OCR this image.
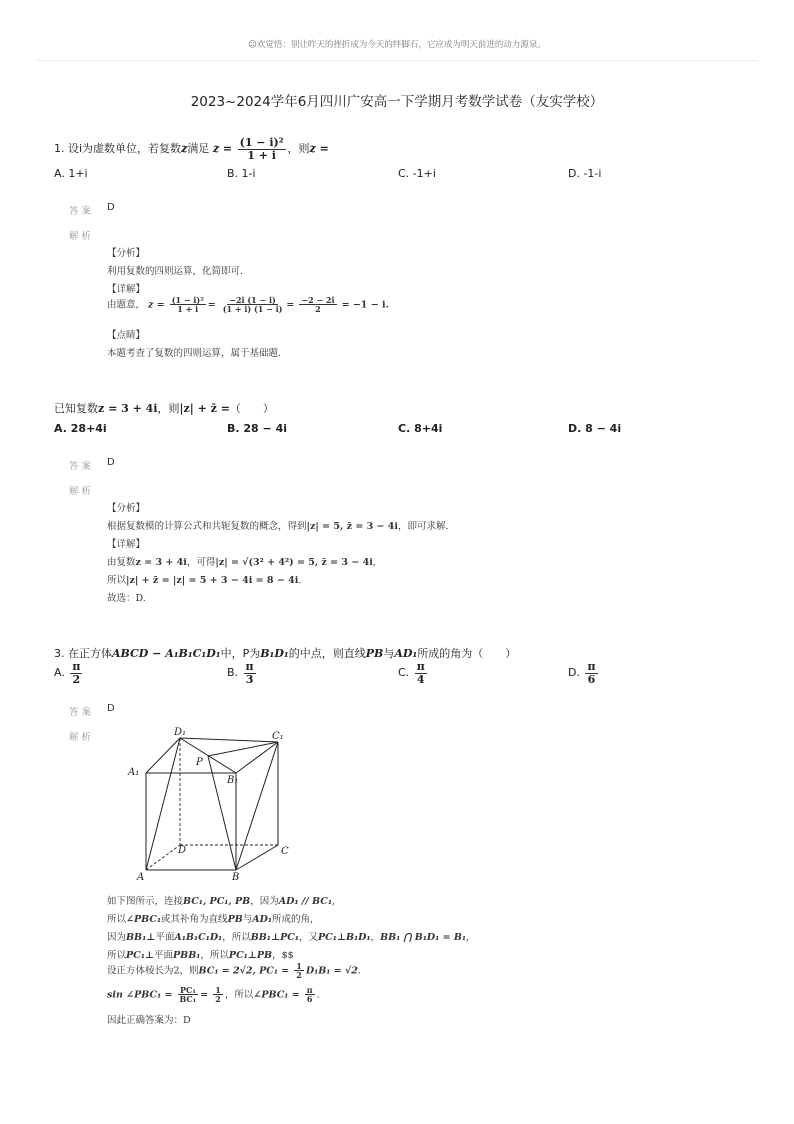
☺欢觉悟：别让昨天的挫折成为今天的绊脚石，它应成为明天前进的动力源泉。
2023~2024学年6月四川广安高一下学期月考数学试卷（友实学校）
1. 设i为虚数单位，若复数z满足 $z = \frac{\text{(1 − i)²}}{1 + i}$ ，则z =
A. 1+i	B. 1-i	C. -1+i	D. -1-i
答案 D
解析
【分析】
利用复数的四则运算，化简即可.
【详解】
由题意， $z = \frac{\text{(1 − i)²}}{1 + i} = \frac{-2i (1 - i)}{(1 + i) (1 - i)} = \frac{-2 - 2i}{2} = -1 - i$.
【点睛】
本题考查了复数的四则运算，属于基础题.
已知复数z = 3 + 4i，则|z| + z̄ =（　　）
A. 28+4i	B. 28 − 4i	C. 8+4i	D. 8 − 4i
答案 D
解析
【分析】
根据复数模的计算公式和共轭复数的概念，得到|z| = 5, z̄ = 3 − 4i，即可求解.
【详解】
由复数z = 3 + 4i，可得|z| = √(3² + 4²) = 5, z̄ = 3 − 4i,
所以|z| + z̄ = |z| = 5 + 3 − 4i = 8 − 4i.
故选：D.
3. 在正方体ABCD − A₁B₁C₁D₁中，P为B₁D₁的中点，则直线PB与AD₁所成的角为（　　）
A. $\frac{\pi}{2}$	B. $\frac{\pi}{3}$	C. $\frac{\pi}{4}$	D. $\frac{\pi}{6}$
答案 D
解析	D₁	C₁
A₁
B₁
P
D	C
A	B
如下图所示，连接BC₁, PC₁, PB，因为AD₁ // BC₁,
所以∠PBC₁或其补角为直线PB与AD₁所成的角，
因为BB₁⊥平面A₁B₁C₁D₁，所以BB₁⊥PC₁，又PC₁⊥B₁D₁，BB₁ ⋂ B₁D₁ = B₁,
所以PC₁⊥平面PBB₁，所以PC₁⊥PB，$$
设正方体棱长为2，则BC₁ = 2√2, $PC_1 = \frac{1}{2} D_1B_1 = √2$.
sin ∠PBC₁ = $\frac{\text{PC₁}}{\text{BC₁}} = \frac{1}{2}$ ，所以∠PBC₁ = $\frac{\pi}{6}$ .
因此正确答案为：D
